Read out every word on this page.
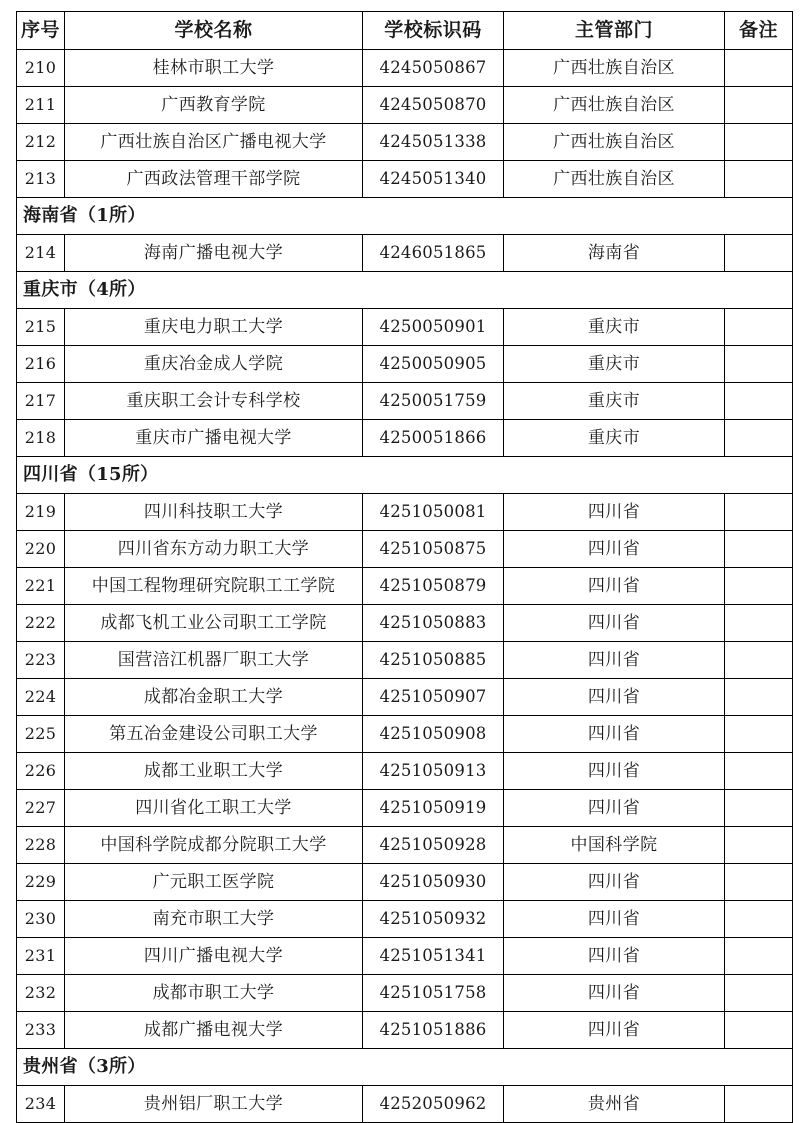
序号	学校名称	学校标识码	主管部门	备注
210	桂林市职工大学	4245050867	广西壮族自治区	
211	广西教育学院	4245050870	广西壮族自治区	
212	广西壮族自治区广播电视大学	4245051338	广西壮族自治区	
213	广西政法管理干部学院	4245051340	广西壮族自治区	
海南省（1所）				
214	海南广播电视大学	4246051865	海南省	
重庆市（4所）				
215	重庆电力职工大学	4250050901	重庆市	
216	重庆冶金成人学院	4250050905	重庆市	
217	重庆职工会计专科学校	4250051759	重庆市	
218	重庆市广播电视大学	4250051866	重庆市	
四川省（15所）				
219	四川科技职工大学	4251050081	四川省	
220	四川省东方动力职工大学	4251050875	四川省	
221	中国工程物理研究院职工工学院	4251050879	四川省	
222	成都飞机工业公司职工工学院	4251050883	四川省	
223	国营涪江机器厂职工大学	4251050885	四川省	
224	成都冶金职工大学	4251050907	四川省	
225	第五冶金建设公司职工大学	4251050908	四川省	
226	成都工业职工大学	4251050913	四川省	
227	四川省化工职工大学	4251050919	四川省	
228	中国科学院成都分院职工大学	4251050928	中国科学院	
229	广元职工医学院	4251050930	四川省	
230	南充市职工大学	4251050932	四川省	
231	四川广播电视大学	4251051341	四川省	
232	成都市职工大学	4251051758	四川省	
233	成都广播电视大学	4251051886	四川省	
贵州省（3所）				
234	贵州铝厂职工大学	4252050962	贵州省	
